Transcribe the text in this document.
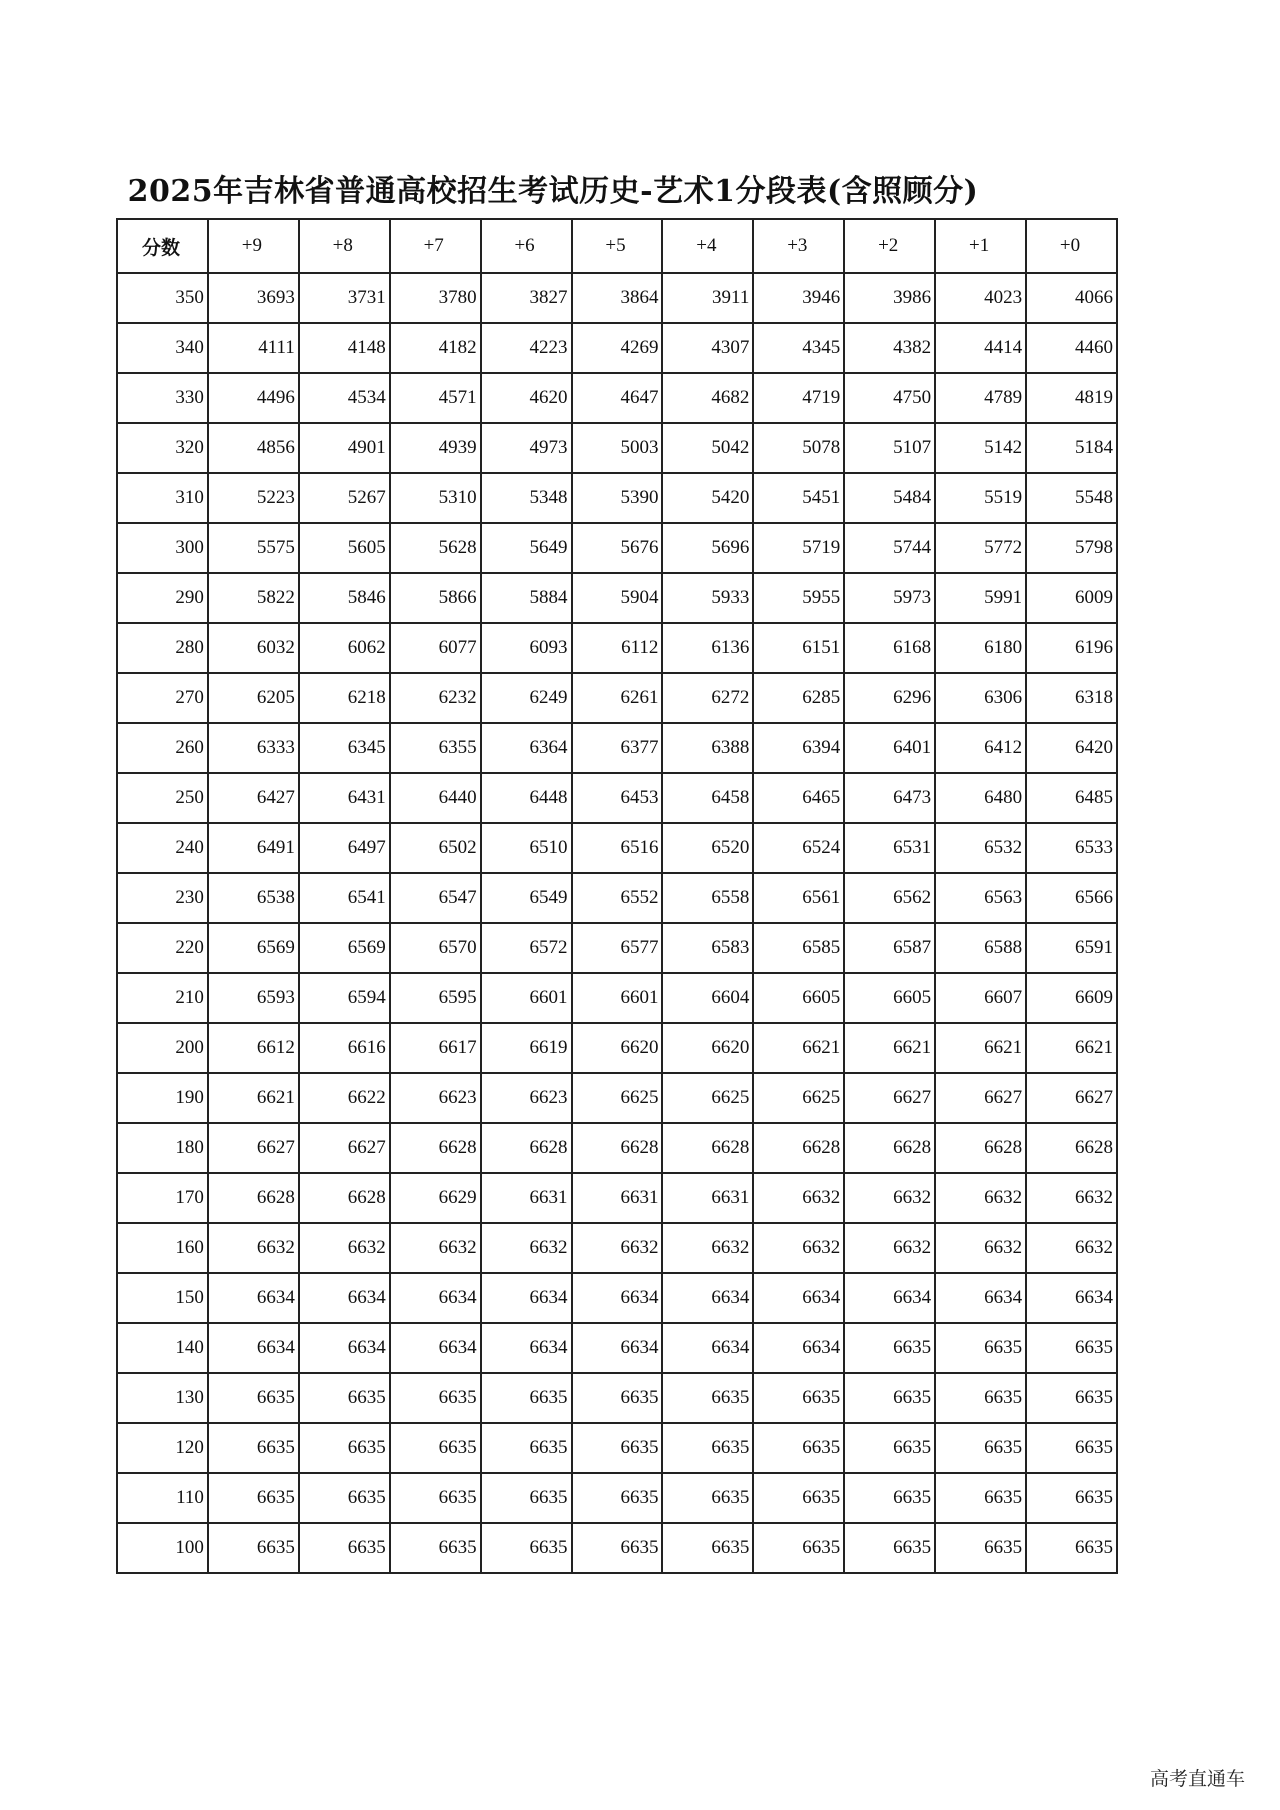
2025年吉林省普通高校招生考试历史-艺术1分段表(含照顾分)
分数	+9	+8	+7	+6	+5	+4	+3	+2	+1	+0
350	3693	3731	3780	3827	3864	3911	3946	3986	4023	4066
340	4111	4148	4182	4223	4269	4307	4345	4382	4414	4460
330	4496	4534	4571	4620	4647	4682	4719	4750	4789	4819
320	4856	4901	4939	4973	5003	5042	5078	5107	5142	5184
310	5223	5267	5310	5348	5390	5420	5451	5484	5519	5548
300	5575	5605	5628	5649	5676	5696	5719	5744	5772	5798
290	5822	5846	5866	5884	5904	5933	5955	5973	5991	6009
280	6032	6062	6077	6093	6112	6136	6151	6168	6180	6196
270	6205	6218	6232	6249	6261	6272	6285	6296	6306	6318
260	6333	6345	6355	6364	6377	6388	6394	6401	6412	6420
250	6427	6431	6440	6448	6453	6458	6465	6473	6480	6485
240	6491	6497	6502	6510	6516	6520	6524	6531	6532	6533
230	6538	6541	6547	6549	6552	6558	6561	6562	6563	6566
220	6569	6569	6570	6572	6577	6583	6585	6587	6588	6591
210	6593	6594	6595	6601	6601	6604	6605	6605	6607	6609
200	6612	6616	6617	6619	6620	6620	6621	6621	6621	6621
190	6621	6622	6623	6623	6625	6625	6625	6627	6627	6627
180	6627	6627	6628	6628	6628	6628	6628	6628	6628	6628
170	6628	6628	6629	6631	6631	6631	6632	6632	6632	6632
160	6632	6632	6632	6632	6632	6632	6632	6632	6632	6632
150	6634	6634	6634	6634	6634	6634	6634	6634	6634	6634
140	6634	6634	6634	6634	6634	6634	6634	6635	6635	6635
130	6635	6635	6635	6635	6635	6635	6635	6635	6635	6635
120	6635	6635	6635	6635	6635	6635	6635	6635	6635	6635
110	6635	6635	6635	6635	6635	6635	6635	6635	6635	6635
100	6635	6635	6635	6635	6635	6635	6635	6635	6635	6635
高考直通车
